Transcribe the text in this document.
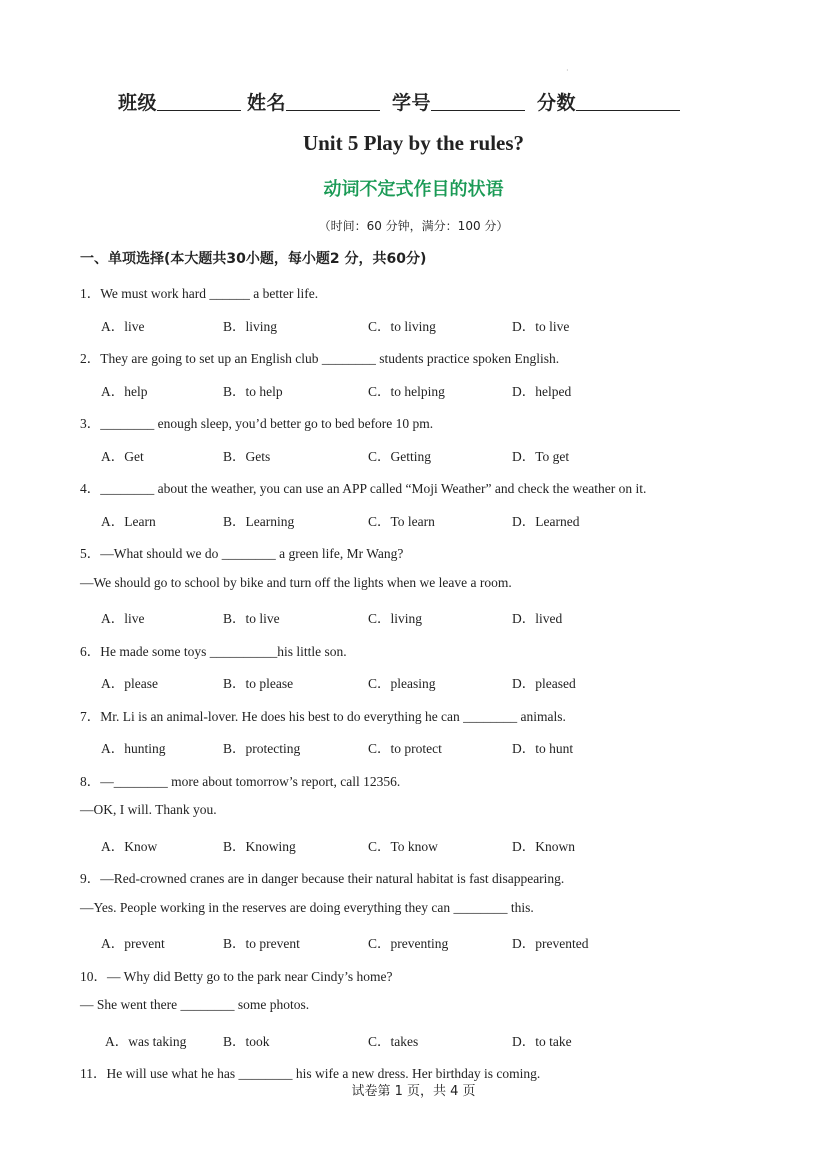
·
班级	姓名	学号	分数
Unit 5 Play by the rules?
动词不定式作目的状语
（时间：60 分钟，满分：100 分）
一、单项选择(本大题共30小题，每小题2 分，共60分)
1．We must work hard ______ a better life.
A．live	B．living	C．to living	D．to live
2．They are going to set up an English club ________ students practice spoken English.
A．help	B．to help	C．to helping	D．helped
3．________ enough sleep, you’d better go to bed before 10 pm.
A．Get	B．Gets	C．Getting	D．To get
4．________ about the weather, you can use an APP called “Moji Weather” and check the weather on it.
A．Learn	B．Learning	C．To learn	D．Learned
5．—What should we do ________ a green life, Mr Wang?
—We should go to school by bike and turn off the lights when we leave a room.
A．live	B．to live	C．living	D．lived
6．He made some toys __________his little son.
A．please	B．to please	C．pleasing	D．pleased
7．Mr. Li is an animal-lover. He does his best to do everything he can ________ animals.
A．hunting	B．protecting	C．to protect	D．to hunt
8．—________ more about tomorrow’s report, call 12356.
—OK, I will. Thank you.
A．Know	B．Knowing	C．To know	D．Known
9．—Red-crowned cranes are in danger because their natural habitat is fast disappearing.
—Yes. People working in the reserves are doing everything they can ________ this.
A．prevent	B．to prevent	C．preventing	D．prevented
10．— Why did Betty go to the park near Cindy’s home?
— She went there ________ some photos.
A．was taking	B．took	C．takes	D．to take
11．He will use what he has ________ his wife a new dress. Her birthday is coming.
试卷第 1 页，共 4 页
